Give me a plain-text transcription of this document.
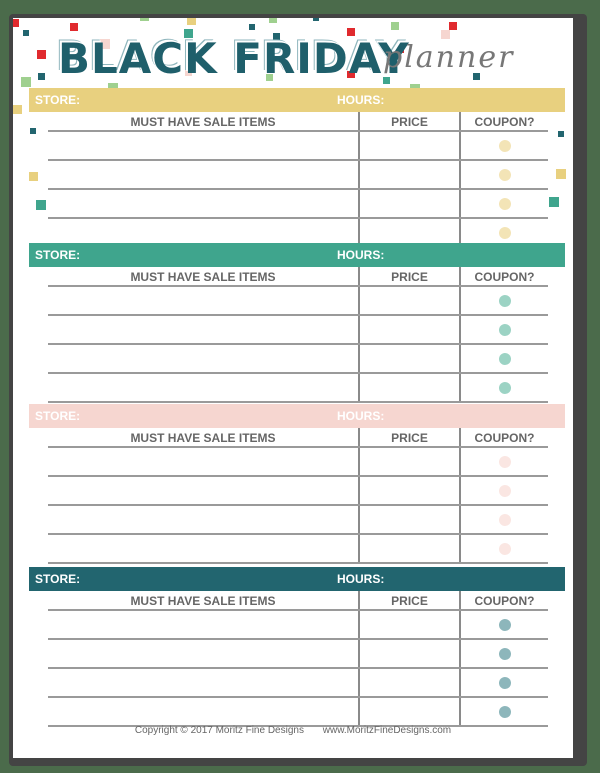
BLACK FRIDAY
planner
STORE:	HOURS:
MUST HAVE SALE ITEMS	PRICE	COUPON?
STORE:	HOURS:
MUST HAVE SALE ITEMS	PRICE	COUPON?
STORE:	HOURS:
MUST HAVE SALE ITEMS	PRICE	COUPON?
STORE:	HOURS:
MUST HAVE SALE ITEMS	PRICE	COUPON?
Copyright © 2017 Moritz Fine Designs www.MoritzFineDesigns.com
